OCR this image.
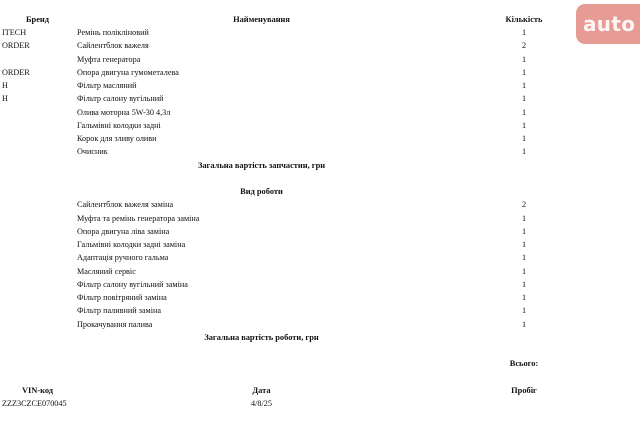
Бренд	Найменування	Кількість	
ITECH	Ремінь полікліновий	1	
ORDER	Сайлентблок важеля	2	
	Муфта генератора	1	
ORDER	Опора двигуна гумометалева	1	
H	Фільтр масляний	1	
H	Фільтр салону вугільний	1	
	Олива моторна 5W-30 4,3л	1	
	Гальмівні колодки задні	1	
	Корок для зливу оливи	1	
	Очисник	1	
	Загальна вартість запчастин, грн		

	Вид роботи		
	Сайлентблок важеля заміна	2	
	Муфта та ремінь генератора заміна	1	
	Опора двигуна ліва заміна	1	
	Гальмівні колодки задні заміна	1	
	Адаптація ручного гальма	1	
	Масляний сервіс	1	
	Фільтр салону вугільний заміна	1	
	Фільтр повітряний заміна	1	
	Фільтр паливний заміна	1	
	Прокачування палива	1	
	Загальна вартість роботи, грн		

		Всього:	

VIN-код	Дата	Пробіг	
ZZZ3CZCE070045	4/8/25		
auto
